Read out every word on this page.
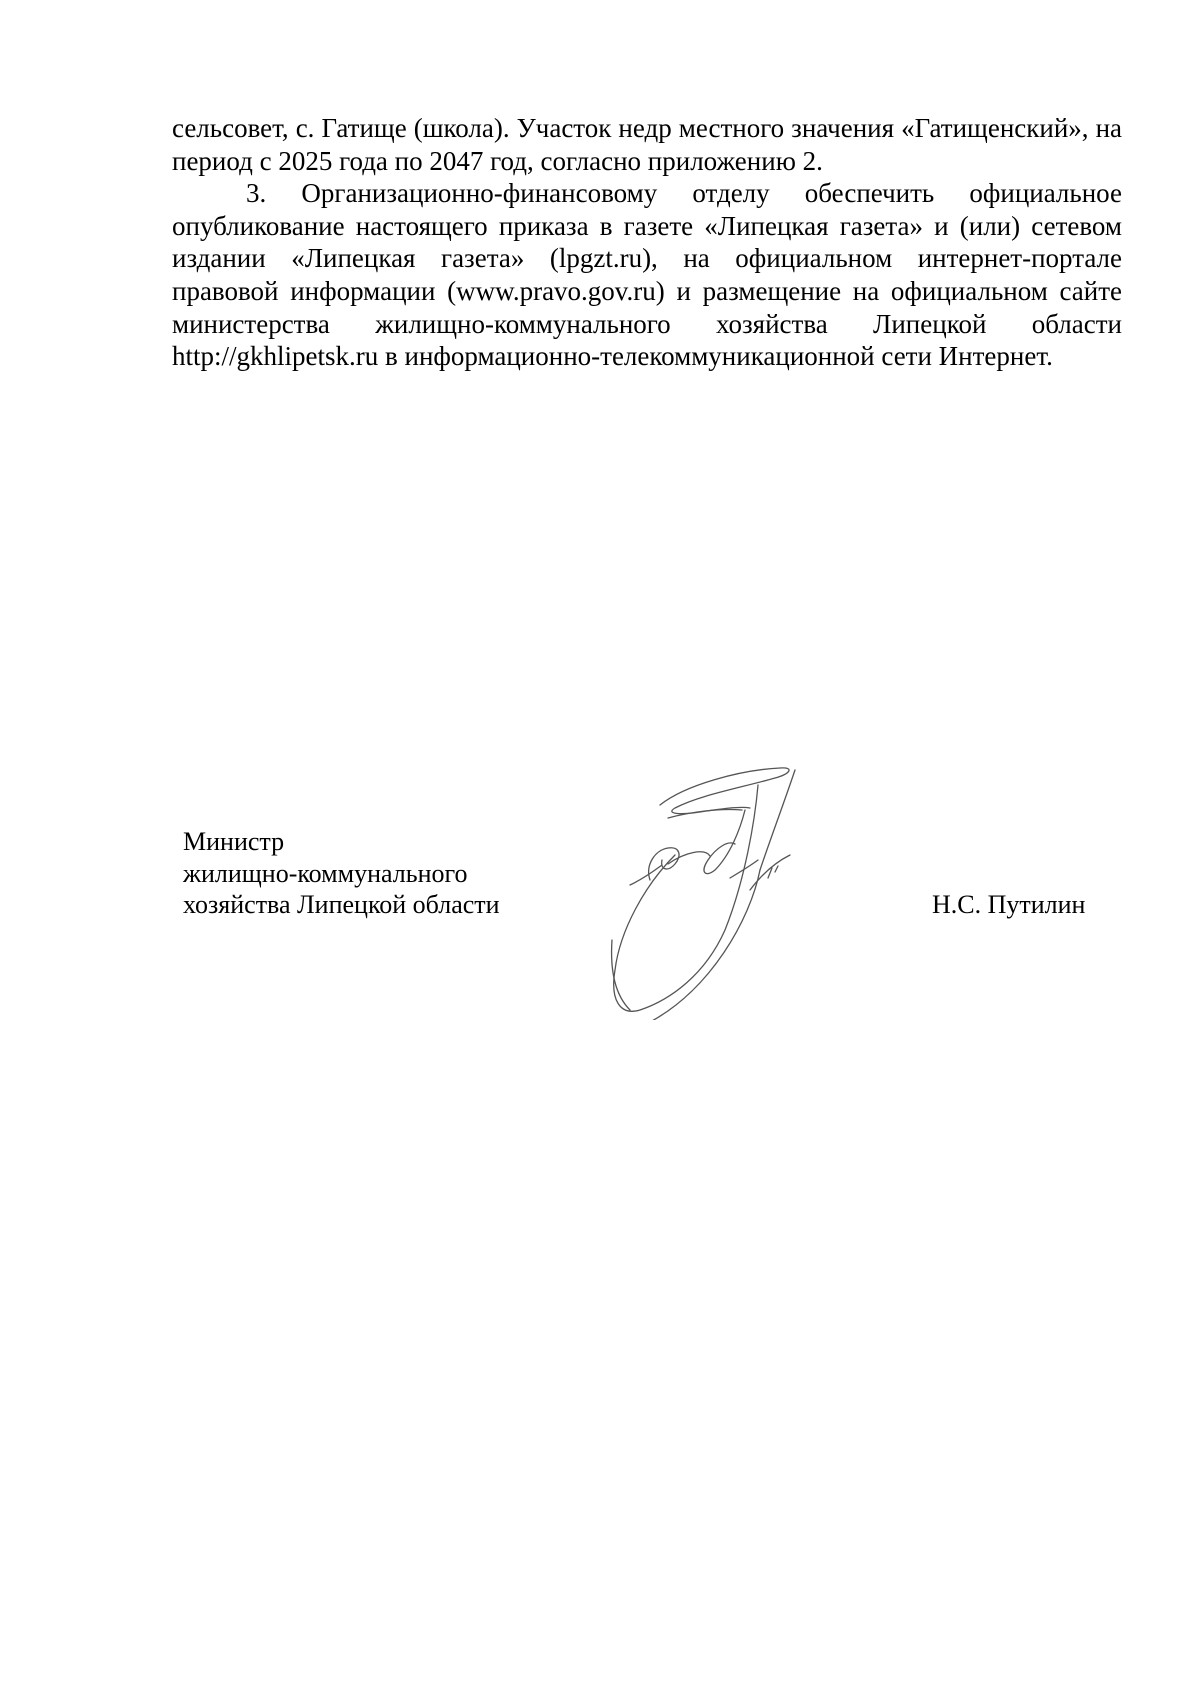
сельсовет, с. Гатище (школа). Участок недр местного значения «Гатищенский», на период с 2025 года по 2047 год, согласно приложению 2.

3. Организационно-финансовому отделу обеспечить официальное опубликование настоящего приказа в газете «Липецкая газета» и (или) сетевом издании «Липецкая газета» (lpgzt.ru), на официальном интернет-портале правовой информации (www.pravo.gov.ru) и размещение на официальном сайте министерства жилищно-коммунального хозяйства Липецкой области http://gkhlipetsk.ru в информационно-телекоммуникационной сети Интернет.

Министр
жилищно-коммунального
хозяйства Липецкой области	Н.С. Путилин
